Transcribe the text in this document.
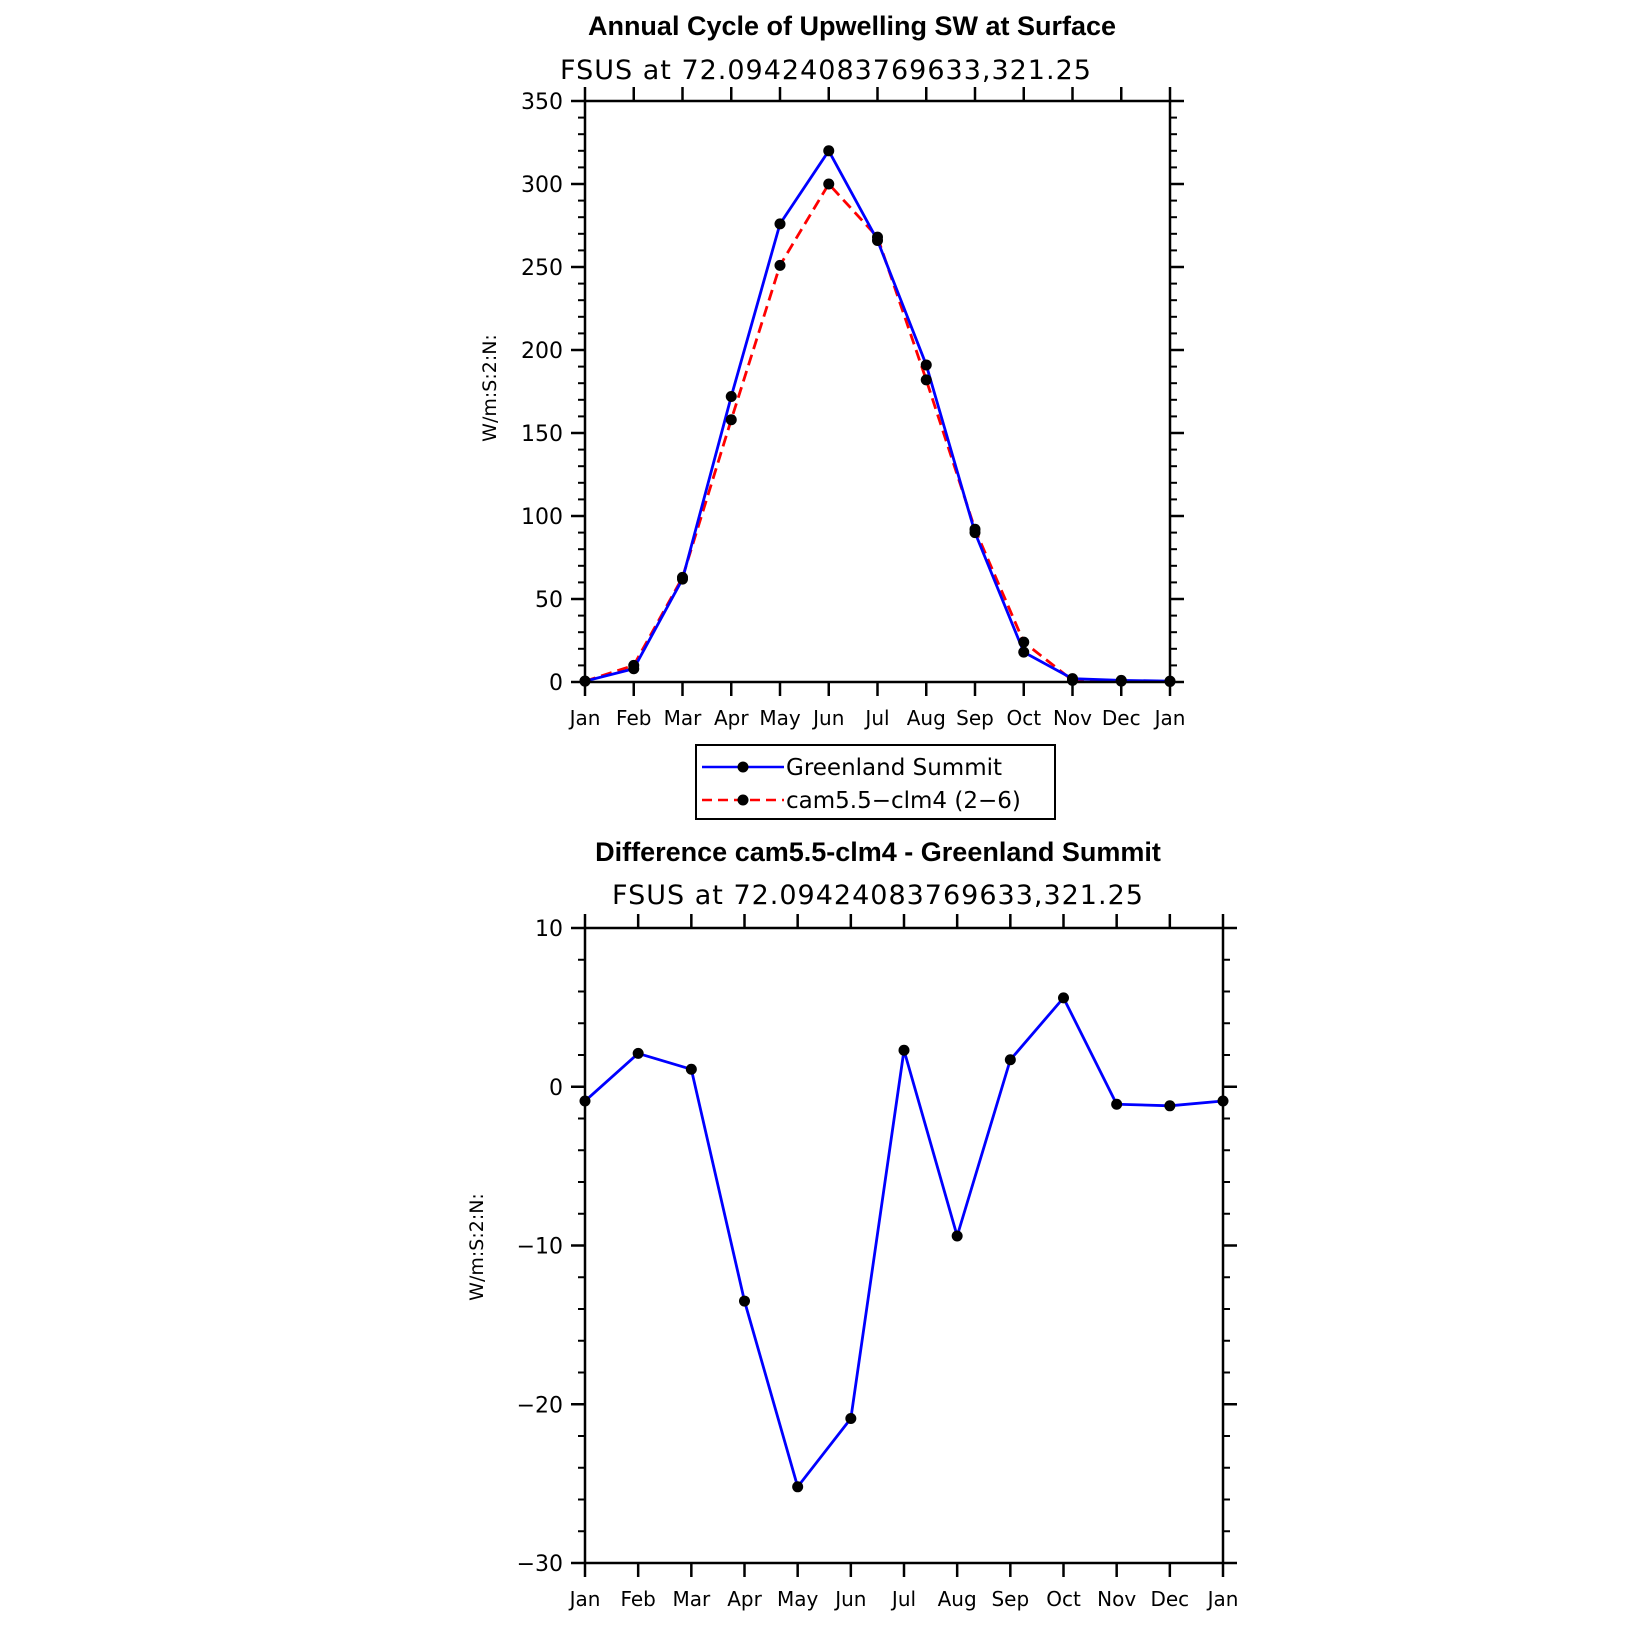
Annual Cycle of Upwelling SW at Surface
FSUS at 72.09424083769633,321.25
W/m:S:2:N:
0
50
100
150
200
250
300
350
Jan Feb Mar Apr May Jun Jul Aug Sep Oct Nov Dec Jan
Greenland Summit
cam5.5−clm4 (2−6)
Difference cam5.5-clm4 - Greenland Summit
FSUS at 72.09424083769633,321.25
W/m:S:2:N:
−30
−20
−10
0
10
Jan Feb Mar Apr May Jun Jul Aug Sep Oct Nov Dec Jan
